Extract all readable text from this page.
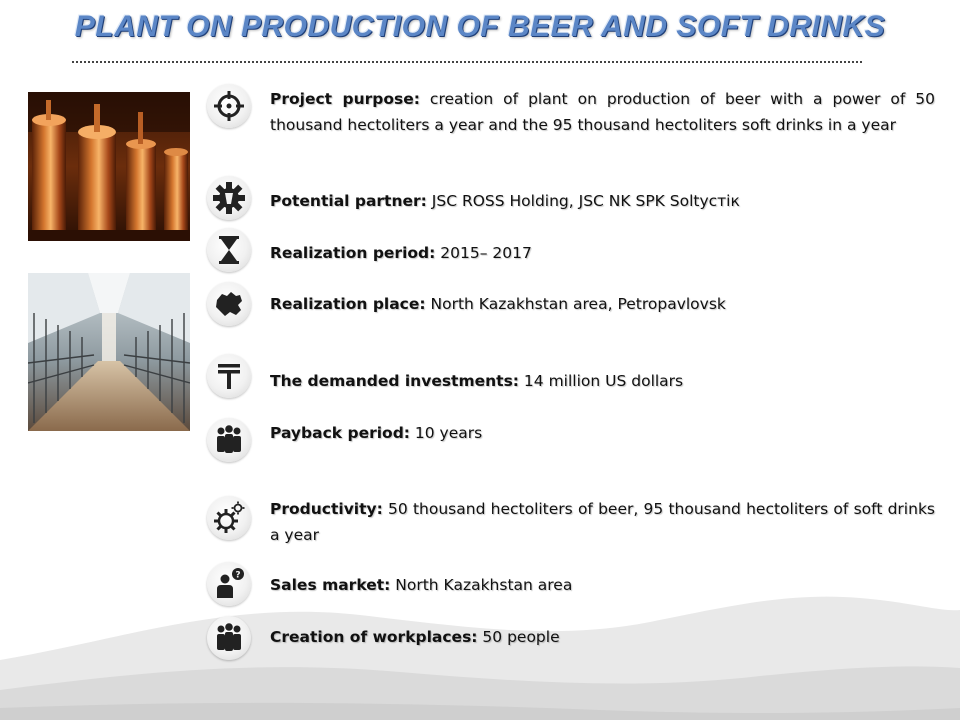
PLANT ON PRODUCTION OF BEER AND SOFT DRINKS
?
Project purpose: creation of plant on production of beer with a power of 50 thousand hectoliters a year and the 95 thousand hectoliters soft drinks in a year
Potential partner: JSC ROSS Holding, JSC NK SPK Soltycтік
Realization period: 2015– 2017
Realization place: North Kazakhstan area, Petropavlovsk
The demanded investments: 14 million US dollars
Payback period: 10 years
Productivity: 50 thousand hectoliters of beer, 95 thousand hectoliters of soft drinks a year
Sales market: North Kazakhstan area
Creation of workplaces: 50 people
